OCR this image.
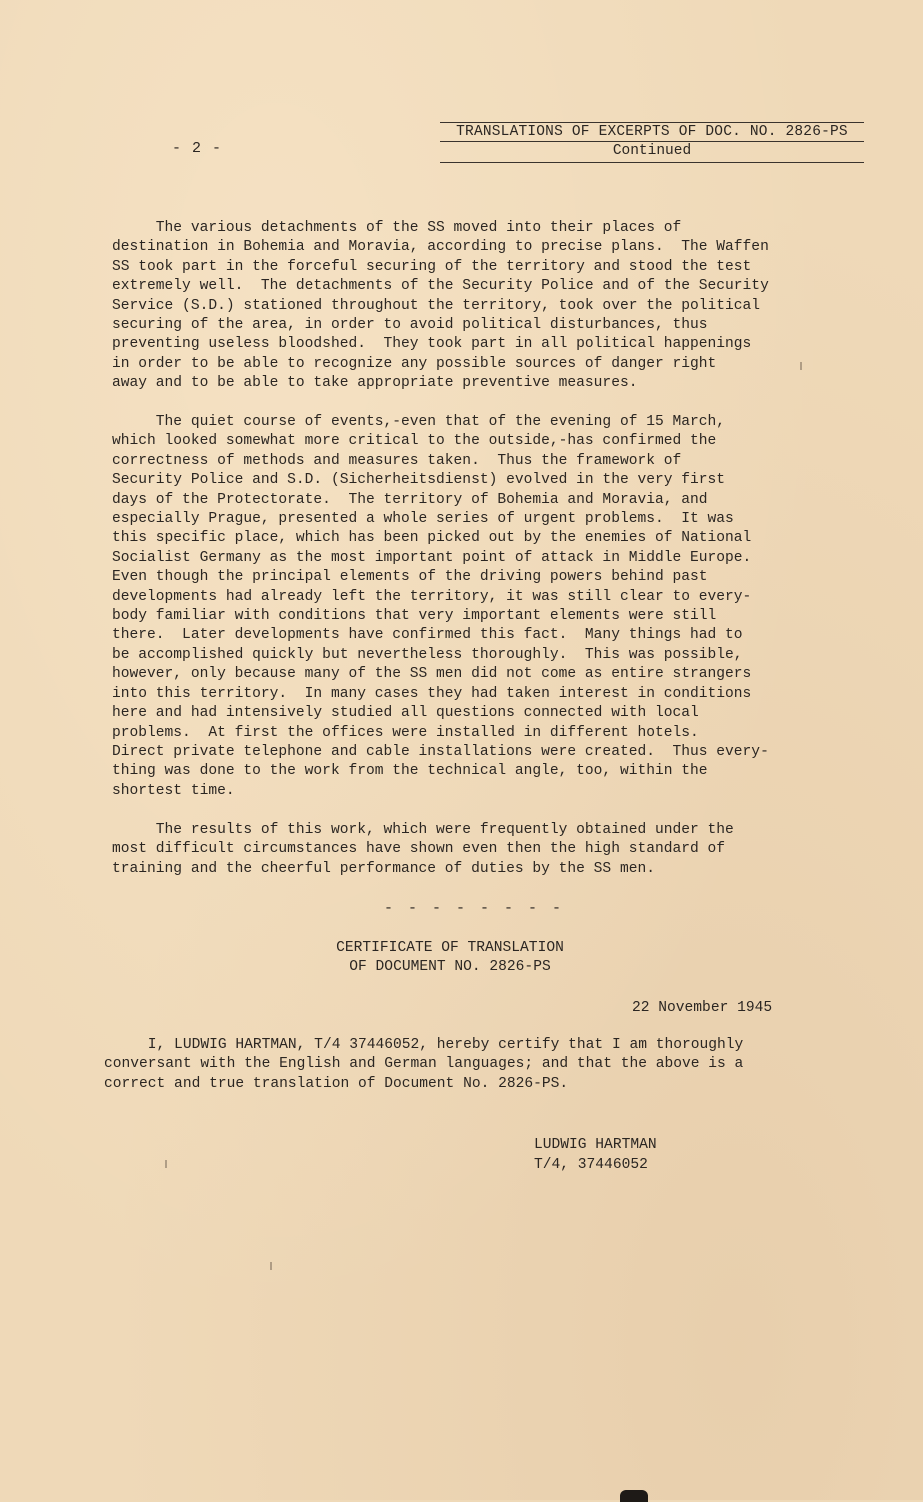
- 2 -
TRANSLATIONS OF EXCERPTS OF DOC. NO. 2826-PS
Continued

The various detachments of the SS moved into their places of
destination in Bohemia and Moravia, according to precise plans.  The Waffen
SS took part in the forceful securing of the territory and stood the test
extremely well.  The detachments of the Security Police and of the Security
Service (S.D.) stationed throughout the territory, took over the political
securing of the area, in order to avoid political disturbances, thus
preventing useless bloodshed.  They took part in all political happenings
in order to be able to recognize any possible sources of danger right
away and to be able to take appropriate preventive measures.

The quiet course of events,-even that of the evening of 15 March,
which looked somewhat more critical to the outside,-has confirmed the
correctness of methods and measures taken.  Thus the framework of
Security Police and S.D. (Sicherheitsdienst) evolved in the very first
days of the Protectorate.  The territory of Bohemia and Moravia, and
especially Prague, presented a whole series of urgent problems.  It was
this specific place, which has been picked out by the enemies of National
Socialist Germany as the most important point of attack in Middle Europe.
Even though the principal elements of the driving powers behind past
developments had already left the territory, it was still clear to every-
body familiar with conditions that very important elements were still
there.  Later developments have confirmed this fact.  Many things had to
be accomplished quickly but nevertheless thoroughly.  This was possible,
however, only because many of the SS men did not come as entire strangers
into this territory.  In many cases they had taken interest in conditions
here and had intensively studied all questions connected with local
problems.  At first the offices were installed in different hotels.
Direct private telephone and cable installations were created.  Thus every-
thing was done to the work from the technical angle, too, within the
shortest time.

The results of this work, which were frequently obtained under the
most difficult circumstances have shown even then the high standard of
training and the cheerful performance of duties by the SS men.

- - - - - - - -
CERTIFICATE OF TRANSLATION
OF DOCUMENT NO. 2826-PS
22 November 1945

I, LUDWIG HARTMAN, T/4 37446052, hereby certify that I am thoroughly
conversant with the English and German languages; and that the above is a
correct and true translation of Document No. 2826-PS.

LUDWIG HARTMAN
T/4, 37446052
